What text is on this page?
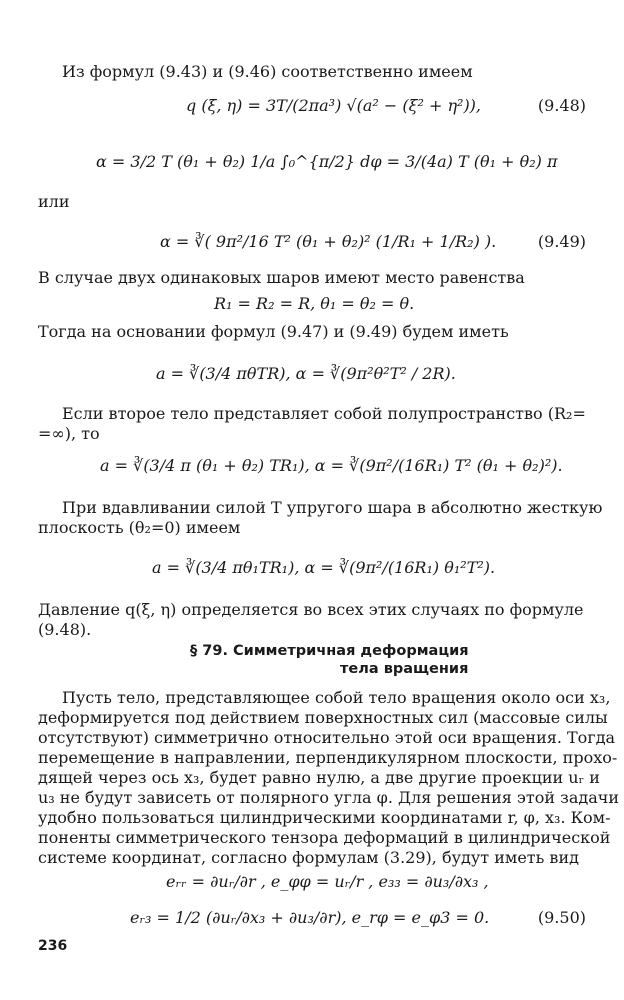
Из формул (9.43) и (9.46) соответственно имеем
q (ξ, η) = 3T/(2πa³) √(a² − (ξ² + η²)),	(9.48)
α = 3/2 T (θ₁ + θ₂) 1/a ∫₀^{π/2} dφ = 3/(4a) T (θ₁ + θ₂) π
или
α = ∛( 9π²/16 T² (θ₁ + θ₂)² (1/R₁ + 1/R₂) ).	(9.49)
В случае двух одинаковых шаров имеют место равенства
R₁ = R₂ = R, θ₁ = θ₂ = θ.
Тогда на основании формул (9.47) и (9.49) будем иметь
a = ∛(3/4 πθTR), α = ∛(9π²θ²T² / 2R).
Если второе тело представляет собой полупространство (R₂=
=∞), то
a = ∛(3/4 π (θ₁ + θ₂) TR₁), α = ∛(9π²/(16R₁) T² (θ₁ + θ₂)²).
При вдавливании силой T упругого шара в абсолютно жесткую
плоскость (θ₂=0) имеем
a = ∛(3/4 πθ₁TR₁), α = ∛(9π²/(16R₁) θ₁²T²).
Давление q(ξ, η) определяется во всех этих случаях по формуле
(9.48).
§ 79. Симметричная деформация
тела вращения
Пусть тело, представляющее собой тело вращения около оси x₃,
деформируется под действием поверхностных сил (массовые силы
отсутствуют) симметрично относительно этой оси вращения. Тогда
перемещение в направлении, перпендикулярном плоскости, прохо-
дящей через ось x₃, будет равно нулю, а две другие проекции uᵣ и
u₃ не будут зависеть от полярного угла φ. Для решения этой задачи
удобно пользоваться цилиндрическими координатами r, φ, x₃. Ком-
поненты симметрического тензора деформаций в цилиндрической
системе координат, согласно формулам (3.29), будут иметь вид
eᵣᵣ = ∂uᵣ/∂r , e_φφ = uᵣ/r , e₃₃ = ∂u₃/∂x₃ ,
eᵣ₃ = 1/2 (∂uᵣ/∂x₃ + ∂u₃/∂r), e_rφ = e_φ3 = 0.	(9.50)
236
